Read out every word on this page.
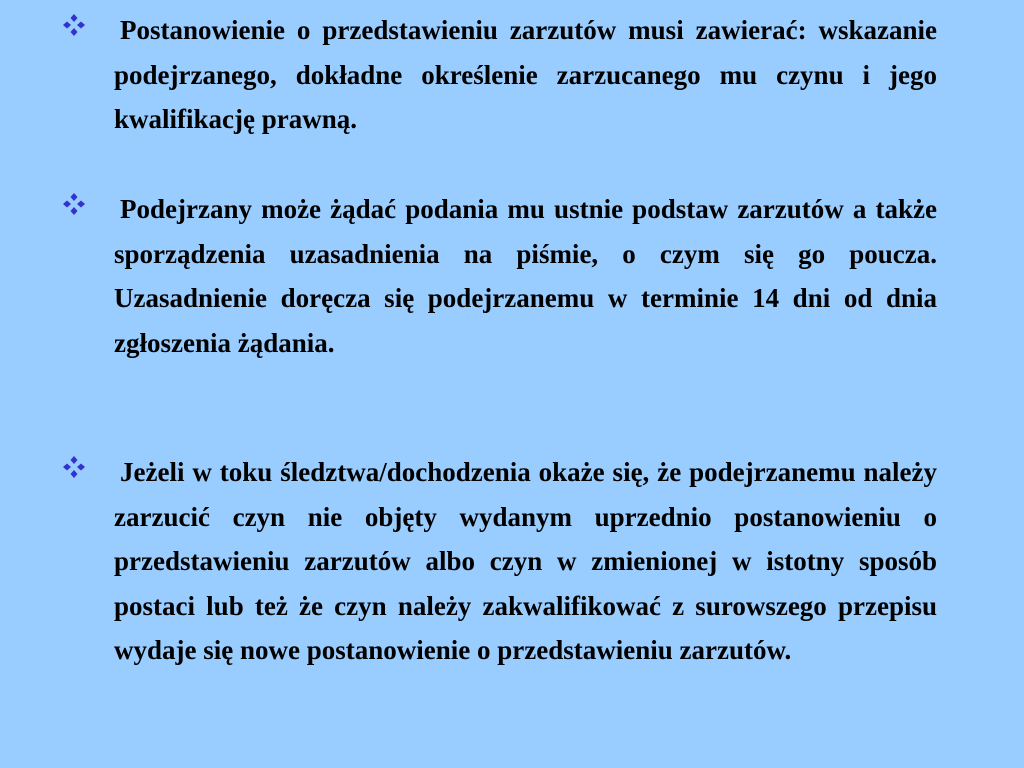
Postanowienie o przedstawieniu zarzutów musi zawierać: wskazanie podejrzanego, dokładne określenie zarzucanego mu czynu i jego kwalifikację prawną.

Podejrzany może żądać podania mu ustnie podstaw zarzutów a także sporządzenia uzasadnienia na piśmie, o czym się go poucza. Uzasadnienie doręcza się podejrzanemu w terminie 14 dni od dnia zgłoszenia żądania.

Jeżeli w toku śledztwa/dochodzenia okaże się, że podejrzanemu należy zarzucić czyn nie objęty wydanym uprzednio postanowieniu o przedstawieniu zarzutów albo czyn w zmienionej w istotny sposób postaci lub też że czyn należy zakwalifikować z surowszego przepisu wydaje się nowe postanowienie o przedstawieniu zarzutów.
